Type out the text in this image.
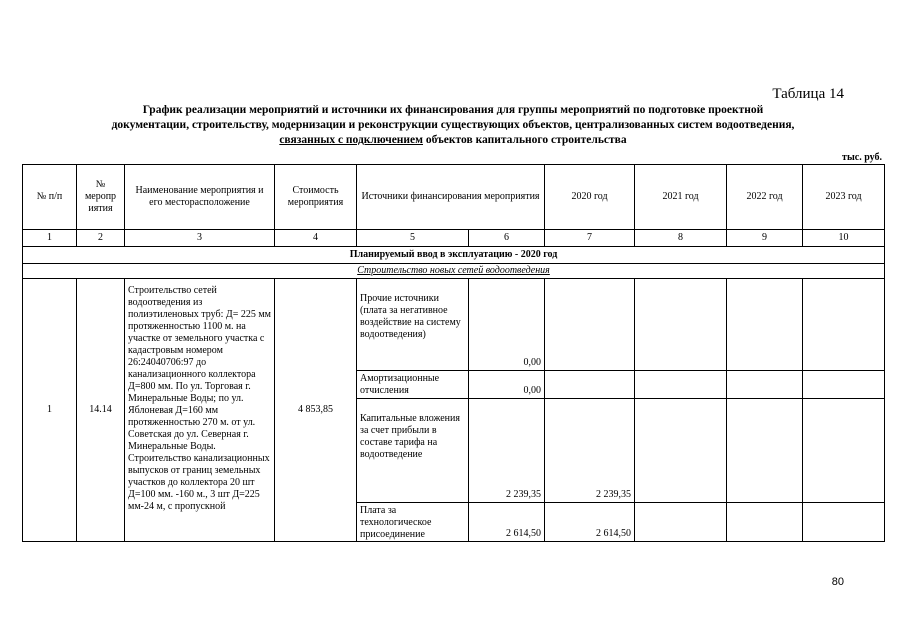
Таблица 14
График реализации мероприятий и источники их финансирования для группы мероприятий по подготовке проектной
документации, строительству, модернизации и реконструкции существующих объектов, централизованных систем водоотведения,
связанных с подключением объектов капитального строительства
тыс. руб.
№ п/п	№ меропр иятия	Наименование мероприятия и его месторасположение	Стоимость мероприятия	Источники финансирования мероприятия		2020 год	2021 год	2022 год	2023 год
1	2	3	4	5	6	7	8	9	10
Планируемый ввод в эксплуатацию - 2020 год									
Строительство новых сетей водоотведения									
1	14.14	Строительство сетей водоотведения из полиэтиленовых труб: Д= 225 мм протяженностью 1100 м. на участке от земельного участка с кадастровым номером 26:24040706:97 до канализационного коллектора Д=800 мм. По ул. Торговая г. Минеральные Воды; по ул. Яблоневая Д=160 мм протяженностью 270 м. от ул. Советская до ул. Северная г. Минеральные Воды. Строительство канализационных выпусков от границ земельных участков до коллектора 20 шт Д=100 мм. -160 м., 3 шт Д=225 мм-24 м, с пропускной	4 853,85	Прочие источники (плата за негативное воздействие на систему водоотведения)	0,00				
				Амортизационные отчисления	0,00				
				Капитальные вложения за счет прибыли в составе тарифа на водоотведение	2 239,35	2 239,35			
				Плата за технологическое присоединение	2 614,50	2 614,50			
80
